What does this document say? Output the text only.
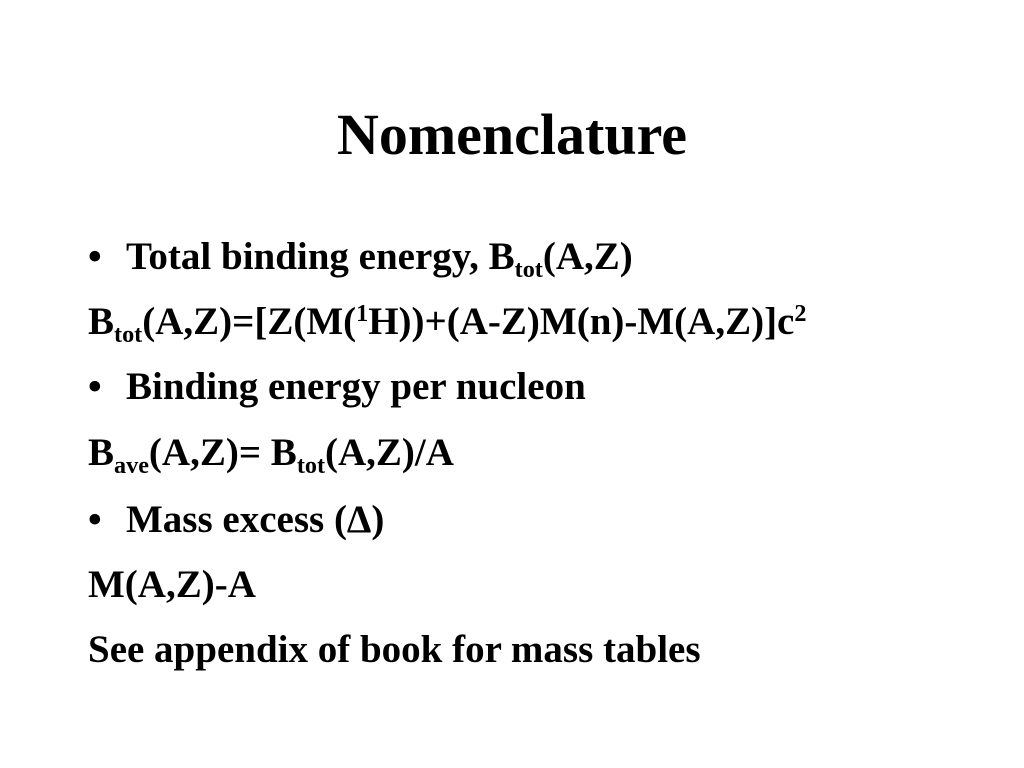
Nomenclature
• Total binding energy, $B_{tot}(A,Z)$
$B_{tot}(A,Z)=[Z(M(^1H))+(A-Z)M(n)-M(A,Z)]c^2$
• Binding energy per nucleon
$B_{ave}(A,Z)= B_{tot}(A,Z)/A$
• Mass excess (Δ)
M(A,Z)-A
See appendix of book for mass tables
